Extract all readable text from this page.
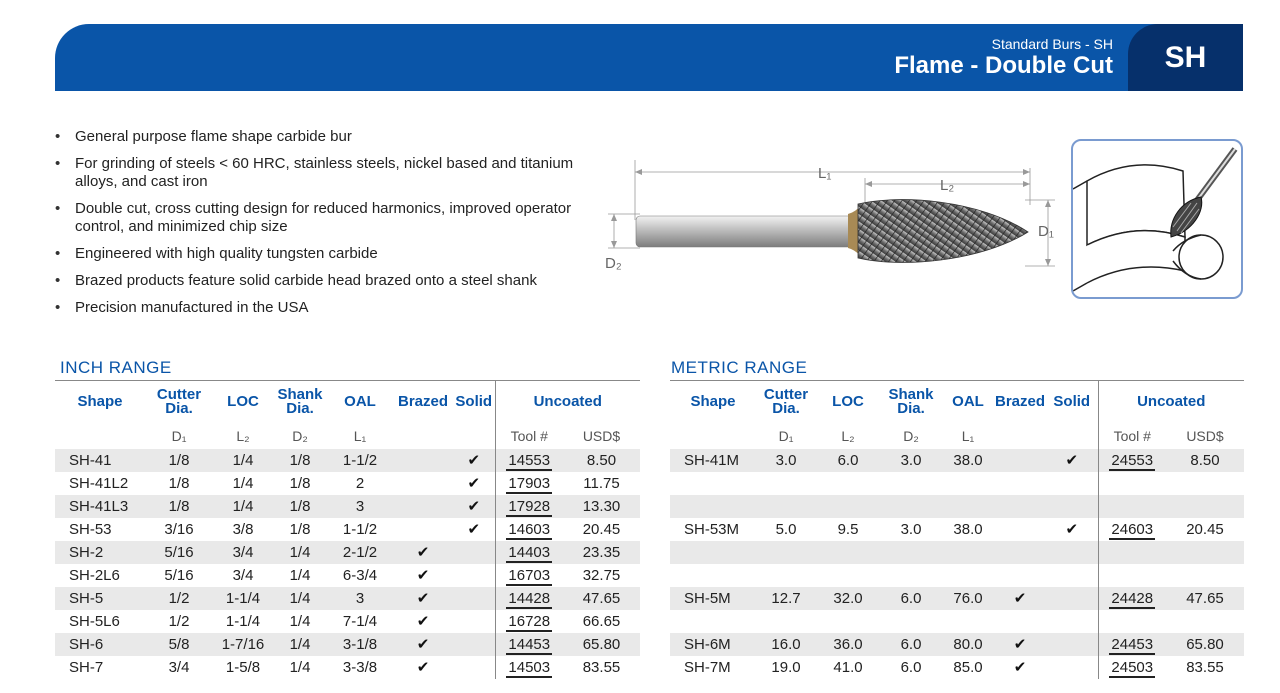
Standard Burs - SH
Flame - Double Cut	SH
• General purpose flame shape carbide bur
• For grinding of steels < 60 HRC, stainless steels, nickel based and titanium alloys, and cast iron
• Double cut, cross cutting design for reduced harmonics, improved operator control, and minimized chip size
• Engineered with high quality tungsten carbide
• Brazed products feature solid carbide head brazed onto a steel shank
• Precision manufactured in the USA
L₁
L₂
D₁
D₂
INCH RANGE
Shape	Cutter Dia.	LOC	Shank Dia.	OAL	Brazed	Solid	Uncoated	
	D₁	L₂	D₂	L₁			Tool #	USD$
SH-41	1/8	1/4	1/8	1-1/2		✔	14553	8.50
SH-41L2	1/8	1/4	1/8	2		✔	17903	11.75
SH-41L3	1/8	1/4	1/8	3		✔	17928	13.30
SH-53	3/16	3/8	1/8	1-1/2		✔	14603	20.45
SH-2	5/16	3/4	1/4	2-1/2	✔		14403	23.35
SH-2L6	5/16	3/4	1/4	6-3/4	✔		16703	32.75
SH-5	1/2	1-1/4	1/4	3	✔		14428	47.65
SH-5L6	1/2	1-1/4	1/4	7-1/4	✔		16728	66.65
SH-6	5/8	1-7/16	1/4	3-1/8	✔		14453	65.80
SH-7	3/4	1-5/8	1/4	3-3/8	✔		14503	83.55
METRIC RANGE
Shape	Cutter Dia.	LOC	Shank Dia.	OAL	Brazed	Solid	Uncoated	
	D₁	L₂	D₂	L₁			Tool #	USD$
SH-41M	3.0	6.0	3.0	38.0		✔	24553	8.50

SH-53M	5.0	9.5	3.0	38.0		✔	24603	20.45

SH-5M	12.7	32.0	6.0	76.0	✔		24428	47.65

SH-6M	16.0	36.0	6.0	80.0	✔		24453	65.80
SH-7M	19.0	41.0	6.0	85.0	✔		24503	83.55
